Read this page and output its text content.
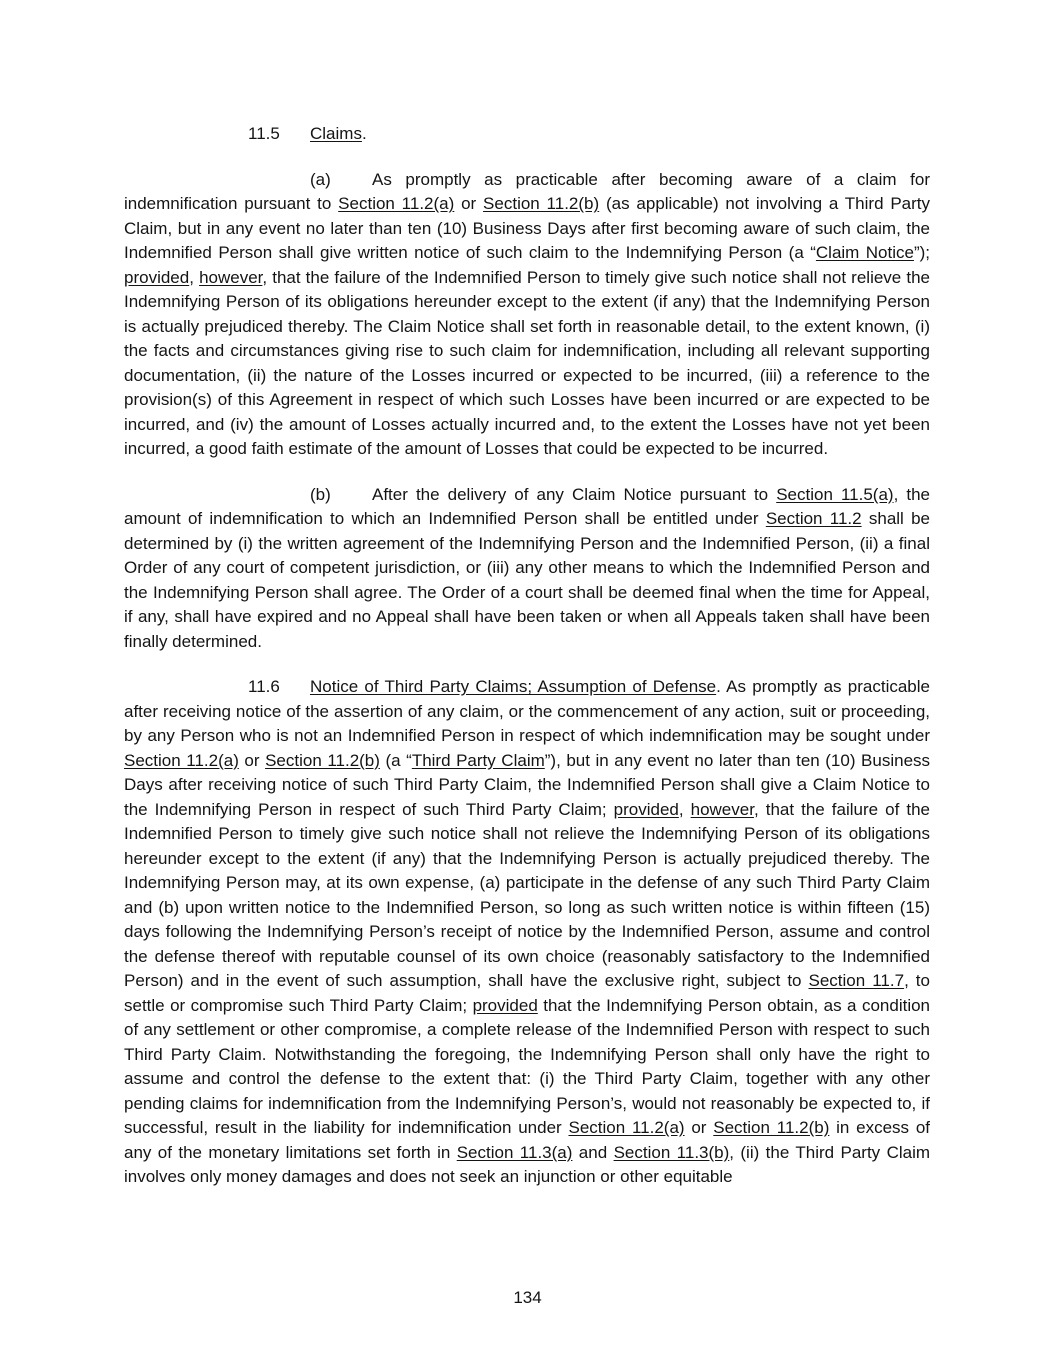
11.5 Claims.

(a) As promptly as practicable after becoming aware of a claim for indemnification pursuant to Section 11.2(a) or Section 11.2(b) (as applicable) not involving a Third Party Claim, but in any event no later than ten (10) Business Days after first becoming aware of such claim, the Indemnified Person shall give written notice of such claim to the Indemnifying Person (a “Claim Notice”); provided, however, that the failure of the Indemnified Person to timely give such notice shall not relieve the Indemnifying Person of its obligations hereunder except to the extent (if any) that the Indemnifying Person is actually prejudiced thereby. The Claim Notice shall set forth in reasonable detail, to the extent known, (i) the facts and circumstances giving rise to such claim for indemnification, including all relevant supporting documentation, (ii) the nature of the Losses incurred or expected to be incurred, (iii) a reference to the provision(s) of this Agreement in respect of which such Losses have been incurred or are expected to be incurred, and (iv) the amount of Losses actually incurred and, to the extent the Losses have not yet been incurred, a good faith estimate of the amount of Losses that could be expected to be incurred.

(b) After the delivery of any Claim Notice pursuant to Section 11.5(a), the amount of indemnification to which an Indemnified Person shall be entitled under Section 11.2 shall be determined by (i) the written agreement of the Indemnifying Person and the Indemnified Person, (ii) a final Order of any court of competent jurisdiction, or (iii) any other means to which the Indemnified Person and the Indemnifying Person shall agree. The Order of a court shall be deemed final when the time for Appeal, if any, shall have expired and no Appeal shall have been taken or when all Appeals taken shall have been finally determined.

11.6 Notice of Third Party Claims; Assumption of Defense. As promptly as practicable after receiving notice of the assertion of any claim, or the commencement of any action, suit or proceeding, by any Person who is not an Indemnified Person in respect of which indemnification may be sought under Section 11.2(a) or Section 11.2(b) (a “Third Party Claim”), but in any event no later than ten (10) Business Days after receiving notice of such Third Party Claim, the Indemnified Person shall give a Claim Notice to the Indemnifying Person in respect of such Third Party Claim; provided, however, that the failure of the Indemnified Person to timely give such notice shall not relieve the Indemnifying Person of its obligations hereunder except to the extent (if any) that the Indemnifying Person is actually prejudiced thereby. The Indemnifying Person may, at its own expense, (a) participate in the defense of any such Third Party Claim and (b) upon written notice to the Indemnified Person, so long as such written notice is within fifteen (15) days following the Indemnifying Person’s receipt of notice by the Indemnified Person, assume and control the defense thereof with reputable counsel of its own choice (reasonably satisfactory to the Indemnified Person) and in the event of such assumption, shall have the exclusive right, subject to Section 11.7, to settle or compromise such Third Party Claim; provided that the Indemnifying Person obtain, as a condition of any settlement or other compromise, a complete release of the Indemnified Person with respect to such Third Party Claim. Notwithstanding the foregoing, the Indemnifying Person shall only have the right to assume and control the defense to the extent that: (i) the Third Party Claim, together with any other pending claims for indemnification from the Indemnifying Person’s, would not reasonably be expected to, if successful, result in the liability for indemnification under Section 11.2(a) or Section 11.2(b) in excess of any of the monetary limitations set forth in Section 11.3(a) and Section 11.3(b), (ii) the Third Party Claim involves only money damages and does not seek an injunction or other equitable

134
